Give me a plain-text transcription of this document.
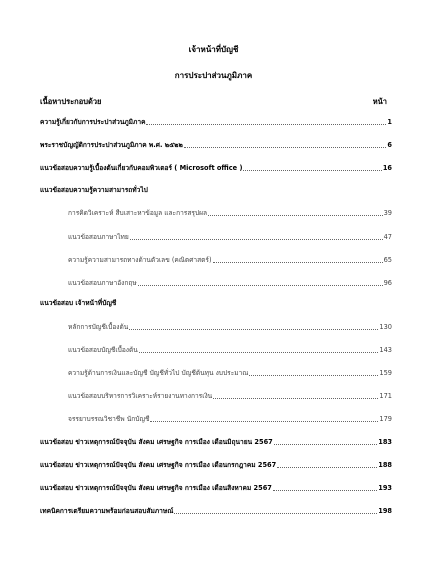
เจ้าหน้าที่บัญชี
การประปาส่วนภูมิภาค
เนื้อหาประกอบด้วย	หน้า
ความรู้เกี่ยวกับการประปาส่วนภูมิภาค	1
พระราชบัญญัติการประปาส่วนภูมิภาค พ.ศ. ๒๕๒๒	6
แนวข้อสอบความรู้เบื้องต้นเกี่ยวกับคอมพิวเตอร์ ( Microsoft office )	16
แนวข้อสอบความรู้ความสามารถทั่วไป
การคิดวิเคราะห์ สืบเสาะหาข้อมูล และการสรุปผล	39
แนวข้อสอบภาษาไทย	47
ความรู้ความสามารถทางด้านตัวเลข (คณิตศาสตร์)	65
แนวข้อสอบภาษาอังกฤษ	96
แนวข้อสอบ เจ้าหน้าที่บัญชี
หลักการบัญชีเบื้องต้น	130
แนวข้อสอบบัญชีเบื้องต้น	143
ความรู้ด้านการเงินและบัญชี บัญชีทั่วไป บัญชีต้นทุน งบประมาณ	159
แนวข้อสอบบริหารการวิเคราะห์รายงานทางการเงิน	171
จรรยาบรรณวิชาชีพ นักบัญชี	179
แนวข้อสอบ ข่าวเหตุการณ์ปัจจุบัน สังคม เศรษฐกิจ การเมือง เดือนมิถุนายน 2567	183
แนวข้อสอบ ข่าวเหตุการณ์ปัจจุบัน สังคม เศรษฐกิจ การเมือง เดือนกรกฎาคม 2567	188
แนวข้อสอบ ข่าวเหตุการณ์ปัจจุบัน สังคม เศรษฐกิจ การเมือง เดือนสิงหาคม 2567	193
เทคนิคการเตรียมความพร้อมก่อนสอบสัมภาษณ์	198
